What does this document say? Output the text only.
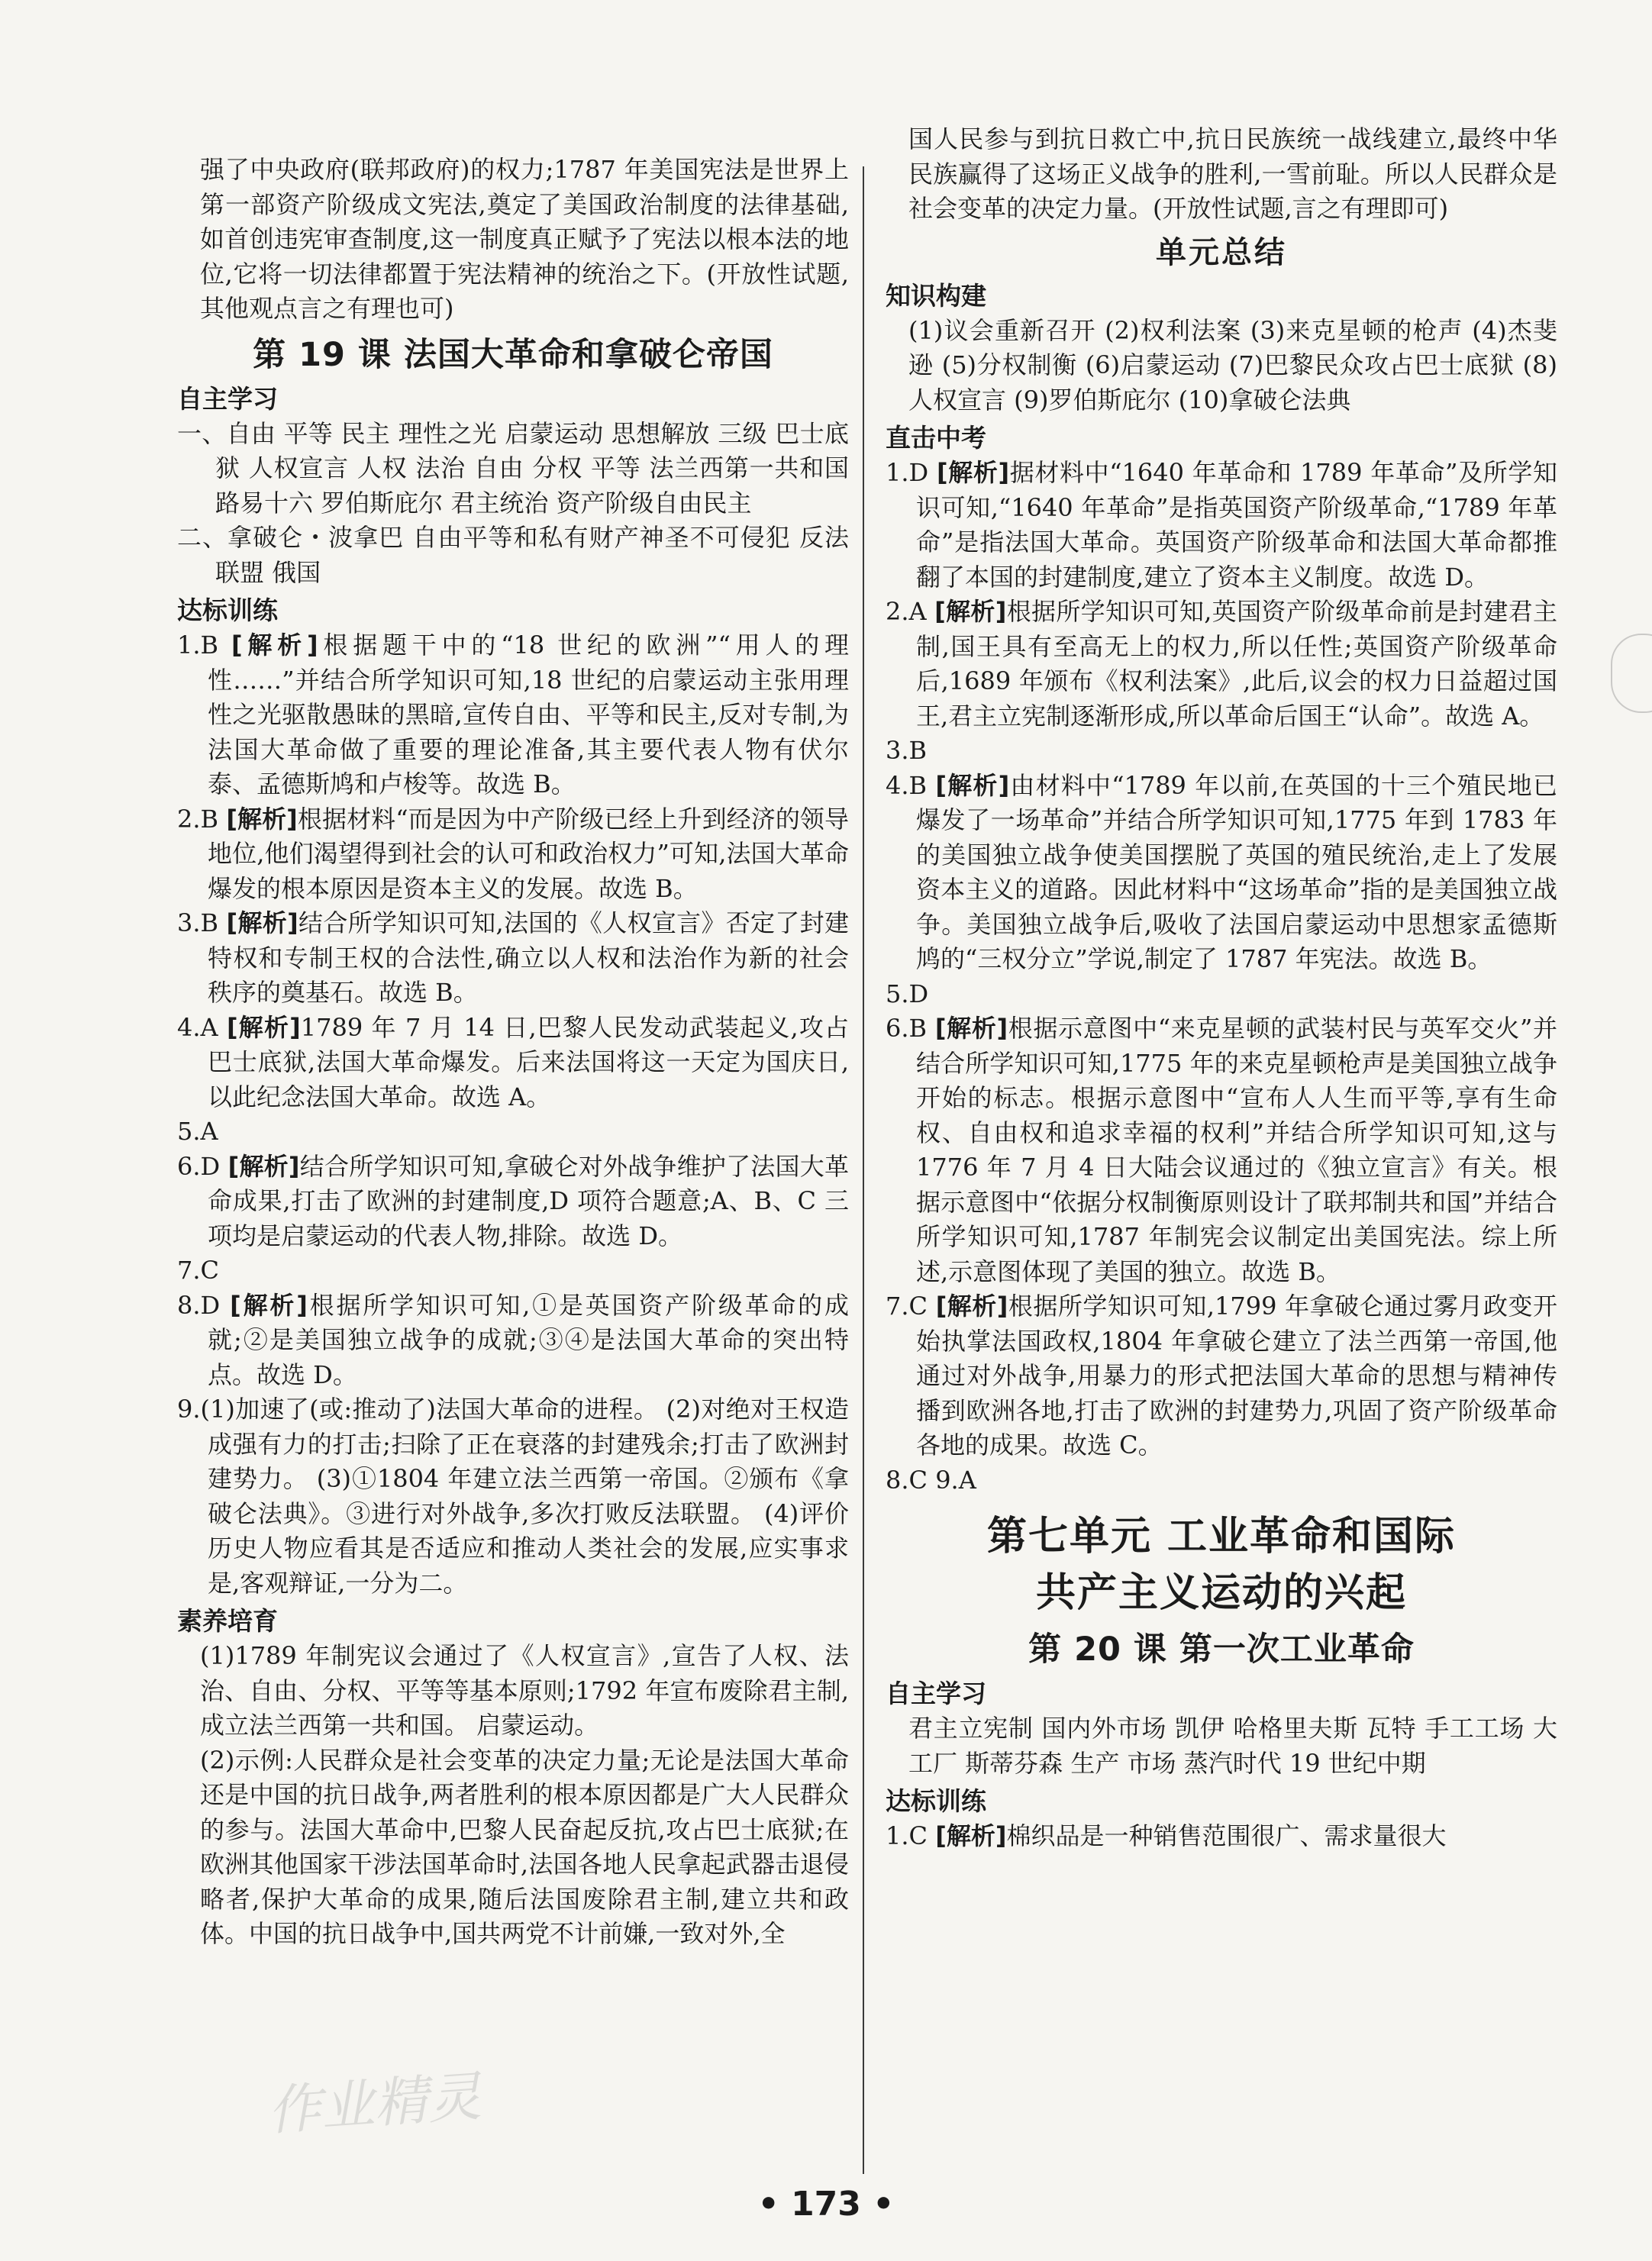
强了中央政府(联邦政府)的权力;1787 年美国宪法是世界上第一部资产阶级成文宪法,奠定了美国政治制度的法律基础,如首创违宪审查制度,这一制度真正赋予了宪法以根本法的地位,它将一切法律都置于宪法精神的统治之下。(开放性试题,其他观点言之有理也可)

第 19 课 法国大革命和拿破仑帝国
自主学习

一、自由 平等 民主 理性之光 启蒙运动 思想解放 三级 巴士底狱 人权宣言 人权 法治 自由 分权 平等 法兰西第一共和国 路易十六 罗伯斯庇尔 君主统治 资产阶级自由民主

二、拿破仑・波拿巴 自由平等和私有财产神圣不可侵犯 反法联盟 俄国

达标训练

1.B [解析]根据题干中的“18 世纪的欧洲”“用人的理性……”并结合所学知识可知,18 世纪的启蒙运动主张用理性之光驱散愚昧的黑暗,宣传自由、平等和民主,反对专制,为法国大革命做了重要的理论准备,其主要代表人物有伏尔泰、孟德斯鸠和卢梭等。故选 B。

2.B [解析]根据材料“而是因为中产阶级已经上升到经济的领导地位,他们渴望得到社会的认可和政治权力”可知,法国大革命爆发的根本原因是资本主义的发展。故选 B。

3.B [解析]结合所学知识可知,法国的《人权宣言》否定了封建特权和专制王权的合法性,确立以人权和法治作为新的社会秩序的奠基石。故选 B。

4.A [解析]1789 年 7 月 14 日,巴黎人民发动武装起义,攻占巴士底狱,法国大革命爆发。后来法国将这一天定为国庆日,以此纪念法国大革命。故选 A。

5.A

6.D [解析]结合所学知识可知,拿破仑对外战争维护了法国大革命成果,打击了欧洲的封建制度,D 项符合题意;A、B、C 三项均是启蒙运动的代表人物,排除。故选 D。

7.C

8.D [解析]根据所学知识可知,①是英国资产阶级革命的成就;②是美国独立战争的成就;③④是法国大革命的突出特点。故选 D。

9.(1)加速了(或:推动了)法国大革命的进程。 (2)对绝对王权造成强有力的打击;扫除了正在衰落的封建残余;打击了欧洲封建势力。 (3)①1804 年建立法兰西第一帝国。②颁布《拿破仑法典》。③进行对外战争,多次打败反法联盟。 (4)评价历史人物应看其是否适应和推动人类社会的发展,应实事求是,客观辩证,一分为二。

素养培育

(1)1789 年制宪议会通过了《人权宣言》,宣告了人权、法治、自由、分权、平等等基本原则;1792 年宣布废除君主制,成立法兰西第一共和国。 启蒙运动。

(2)示例:人民群众是社会变革的决定力量;无论是法国大革命还是中国的抗日战争,两者胜利的根本原因都是广大人民群众的参与。法国大革命中,巴黎人民奋起反抗,攻占巴士底狱;在欧洲其他国家干涉法国革命时,法国各地人民拿起武器击退侵略者,保护大革命的成果,随后法国废除君主制,建立共和政体。中国的抗日战争中,国共两党不计前嫌,一致对外,全

国人民参与到抗日救亡中,抗日民族统一战线建立,最终中华民族赢得了这场正义战争的胜利,一雪前耻。所以人民群众是社会变革的决定力量。(开放性试题,言之有理即可)

单元总结
知识构建

(1)议会重新召开 (2)权利法案 (3)来克星顿的枪声 (4)杰斐逊 (5)分权制衡 (6)启蒙运动 (7)巴黎民众攻占巴士底狱 (8)人权宣言 (9)罗伯斯庇尔 (10)拿破仑法典

直击中考

1.D [解析]据材料中“1640 年革命和 1789 年革命”及所学知识可知,“1640 年革命”是指英国资产阶级革命,“1789 年革命”是指法国大革命。英国资产阶级革命和法国大革命都推翻了本国的封建制度,建立了资本主义制度。故选 D。

2.A [解析]根据所学知识可知,英国资产阶级革命前是封建君主制,国王具有至高无上的权力,所以任性;英国资产阶级革命后,1689 年颁布《权利法案》,此后,议会的权力日益超过国王,君主立宪制逐渐形成,所以革命后国王“认命”。故选 A。

3.B

4.B [解析]由材料中“1789 年以前,在英国的十三个殖民地已爆发了一场革命”并结合所学知识可知,1775 年到 1783 年的美国独立战争使美国摆脱了英国的殖民统治,走上了发展资本主义的道路。因此材料中“这场革命”指的是美国独立战争。美国独立战争后,吸收了法国启蒙运动中思想家孟德斯鸠的“三权分立”学说,制定了 1787 年宪法。故选 B。

5.D

6.B [解析]根据示意图中“来克星顿的武装村民与英军交火”并结合所学知识可知,1775 年的来克星顿枪声是美国独立战争开始的标志。根据示意图中“宣布人人生而平等,享有生命权、自由权和追求幸福的权利”并结合所学知识可知,这与 1776 年 7 月 4 日大陆会议通过的《独立宣言》有关。根据示意图中“依据分权制衡原则设计了联邦制共和国”并结合所学知识可知,1787 年制宪会议制定出美国宪法。综上所述,示意图体现了美国的独立。故选 B。

7.C [解析]根据所学知识可知,1799 年拿破仑通过雾月政变开始执掌法国政权,1804 年拿破仑建立了法兰西第一帝国,他通过对外战争,用暴力的形式把法国大革命的思想与精神传播到欧洲各地,打击了欧洲的封建势力,巩固了资产阶级革命各地的成果。故选 C。

8.C 9.A

第七单元 工业革命和国际
共产主义运动的兴起
第 20 课 第一次工业革命
自主学习

君主立宪制 国内外市场 凯伊 哈格里夫斯 瓦特 手工工场 大工厂 斯蒂芬森 生产 市场 蒸汽时代 19 世纪中期

达标训练

1.C [解析]棉织品是一种销售范围很广、需求量很大

作业精灵
• 173 •
